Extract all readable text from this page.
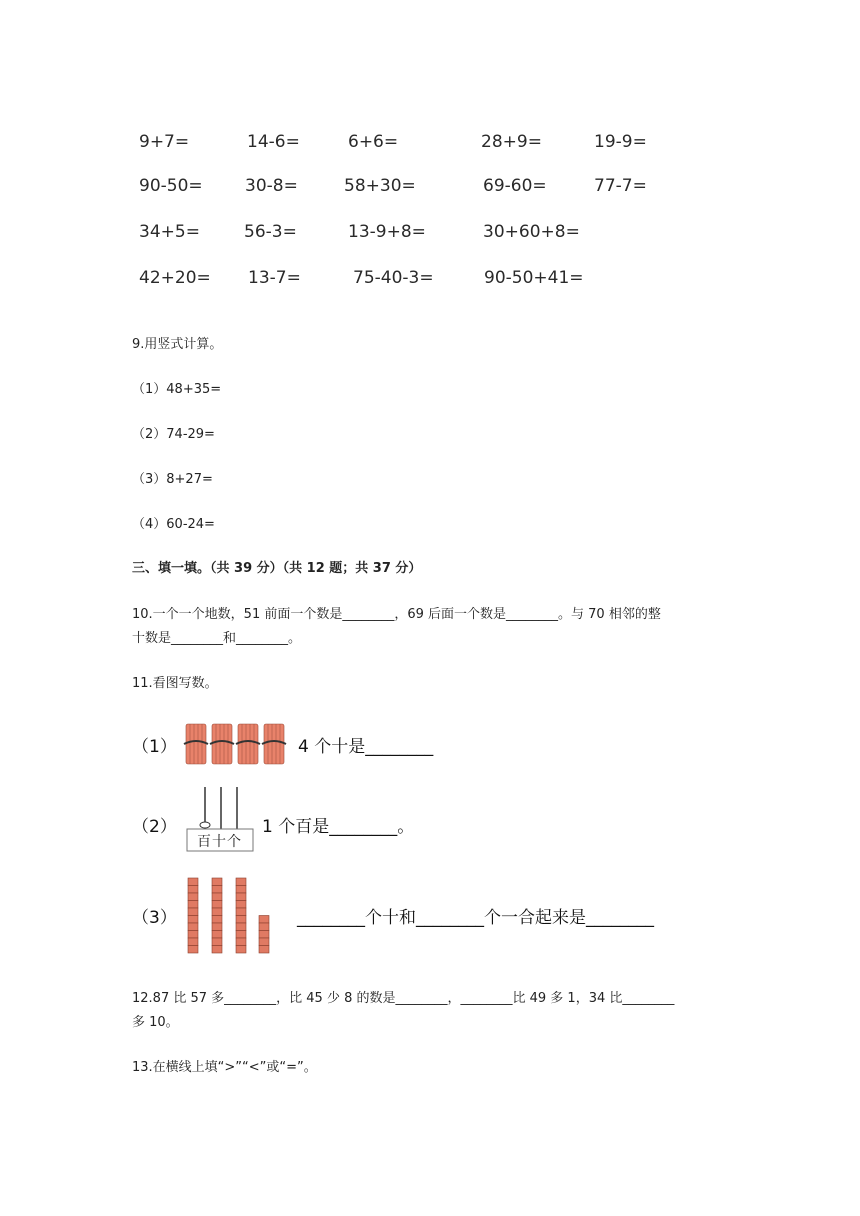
9+7=	14-6=	6+6=	28+9=	19-9=
90-50= 30-8=	58+30=	69-60=	77-7=
34+5=	56-3=	13-9+8=	30+60+8=
42+20= 13-7=	75-40-3=	90-50+41=
9.用竖式计算。
（1）48+35=
（2）74-29=
（3）8+27=
（4）60-24=
三、填一填。（共 39 分）（共 12 题；共 37 分）
10.一个一个地数，51 前面一个数是________，69 后面一个数是________。与 70 相邻的整
十数是________和________。
11.看图写数。
（1）	4 个十是________
（2）
百十个
1 个百是________。
（3）	________个十和________个一合起来是________
12.87 比 57 多________，比 45 少 8 的数是________，________比 49 多 1，34 比________
多 10。
13.在横线上填“>”“<”或“=”。
